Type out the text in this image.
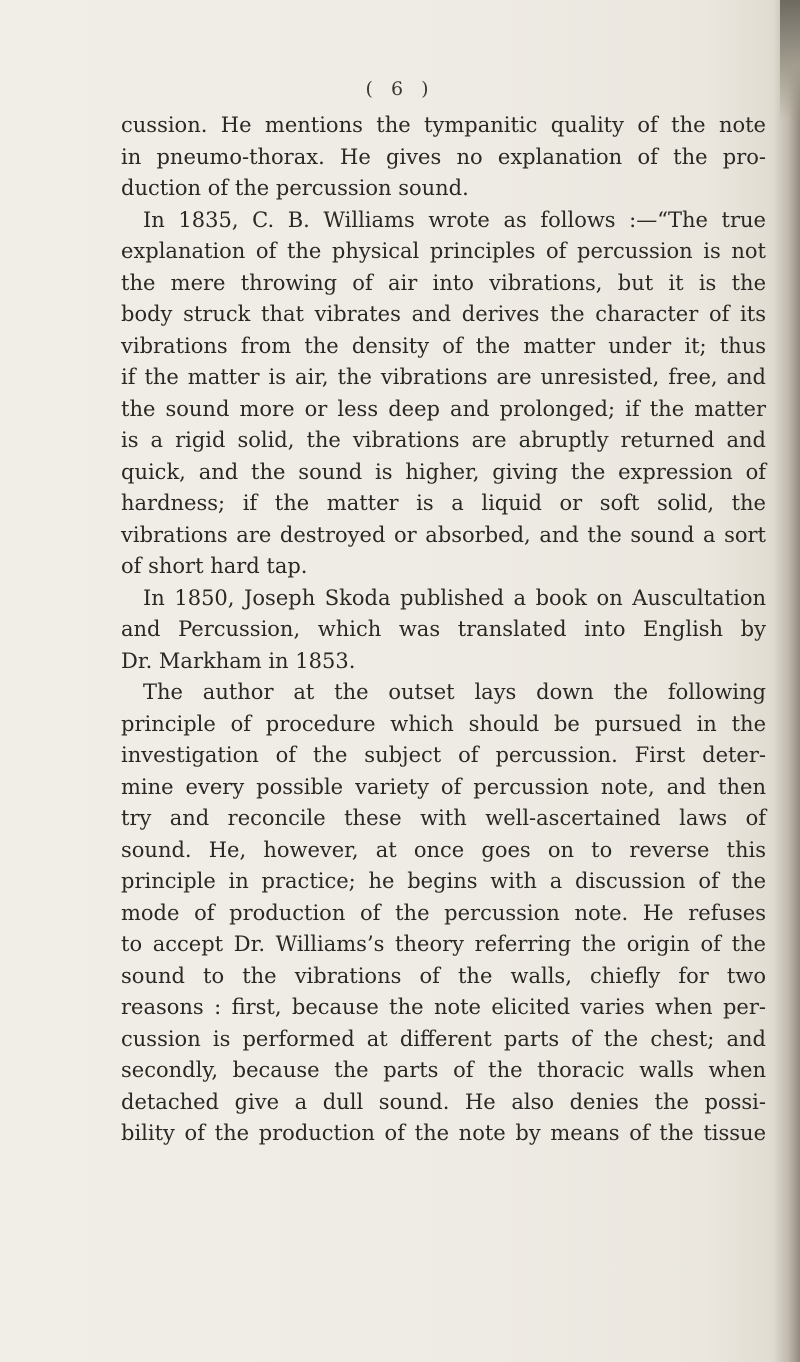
( 6 )
cussion. He mentions the tympanitic quality of the note
in pneumo-thorax. He gives no explanation of the pro-
duction of the percussion sound.
In 1835, C. B. Williams wrote as follows :—“The true
explanation of the physical principles of percussion is not
the mere throwing of air into vibrations, but it is the
body struck that vibrates and derives the character of its
vibrations from the density of the matter under it; thus
if the matter is air, the vibrations are unresisted, free, and
the sound more or less deep and prolonged; if the matter
is a rigid solid, the vibrations are abruptly returned and
quick, and the sound is higher, giving the expression of
hardness; if the matter is a liquid or soft solid, the
vibrations are destroyed or absorbed, and the sound a sort
of short hard tap.
In 1850, Joseph Skoda published a book on Auscultation
and Percussion, which was translated into English by
Dr. Markham in 1853.
The author at the outset lays down the following
principle of procedure which should be pursued in the
investigation of the subject of percussion. First deter-
mine every possible variety of percussion note, and then
try and reconcile these with well-ascertained laws of
sound. He, however, at once goes on to reverse this
principle in practice; he begins with a discussion of the
mode of production of the percussion note. He refuses
to accept Dr. Williams’s theory referring the origin of the
sound to the vibrations of the walls, chiefly for two
reasons : first, because the note elicited varies when per-
cussion is performed at different parts of the chest; and
secondly, because the parts of the thoracic walls when
detached give a dull sound. He also denies the possi-
bility of the production of the note by means of the tissue
